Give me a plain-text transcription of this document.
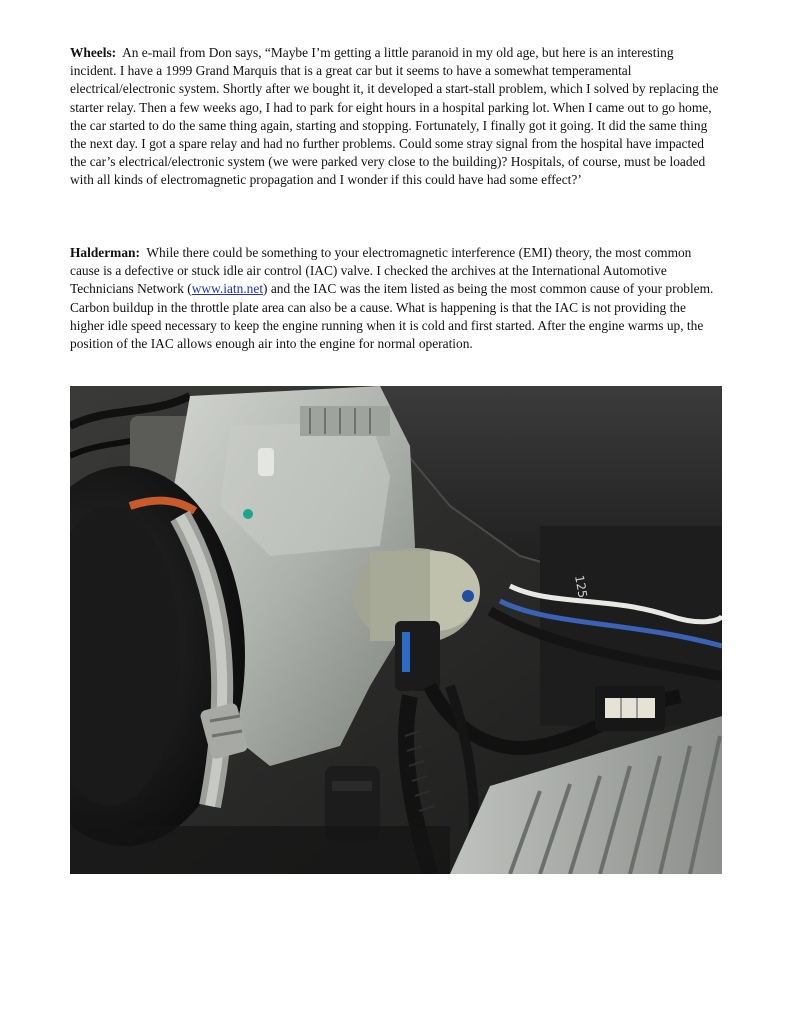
Wheels: An e-mail from Don says, “Maybe I’m getting a little paranoid in my old age, but here is an interesting incident. I have a 1999 Grand Marquis that is a great car but it seems to have a somewhat temperamental electrical/electronic system. Shortly after we bought it, it developed a start-stall problem, which I solved by replacing the starter relay. Then a few weeks ago, I had to park for eight hours in a hospital parking lot. When I came out to go home, the car started to do the same thing again, starting and stopping. Fortunately, I finally got it going. It did the same thing the next day. I got a spare relay and had no further problems. Could some stray signal from the hospital have impacted the car’s electrical/electronic system (we were parked very close to the building)? Hospitals, of course, must be loaded with all kinds of electromagnetic propagation and I wonder if this could have had some effect?’

Halderman: While there could be something to your electromagnetic interference (EMI) theory, the most common cause is a defective or stuck idle air control (IAC) valve. I checked the archives at the International Automotive Technicians Network (www.iatn.net) and the IAC was the item listed as being the most common cause of your problem. Carbon buildup in the throttle plate area can also be a cause. What is happening is that the IAC is not providing the higher idle speed necessary to keep the engine running when it is cold and first started. After the engine warms up, the position of the IAC allows enough air into the engine for normal operation.

125
